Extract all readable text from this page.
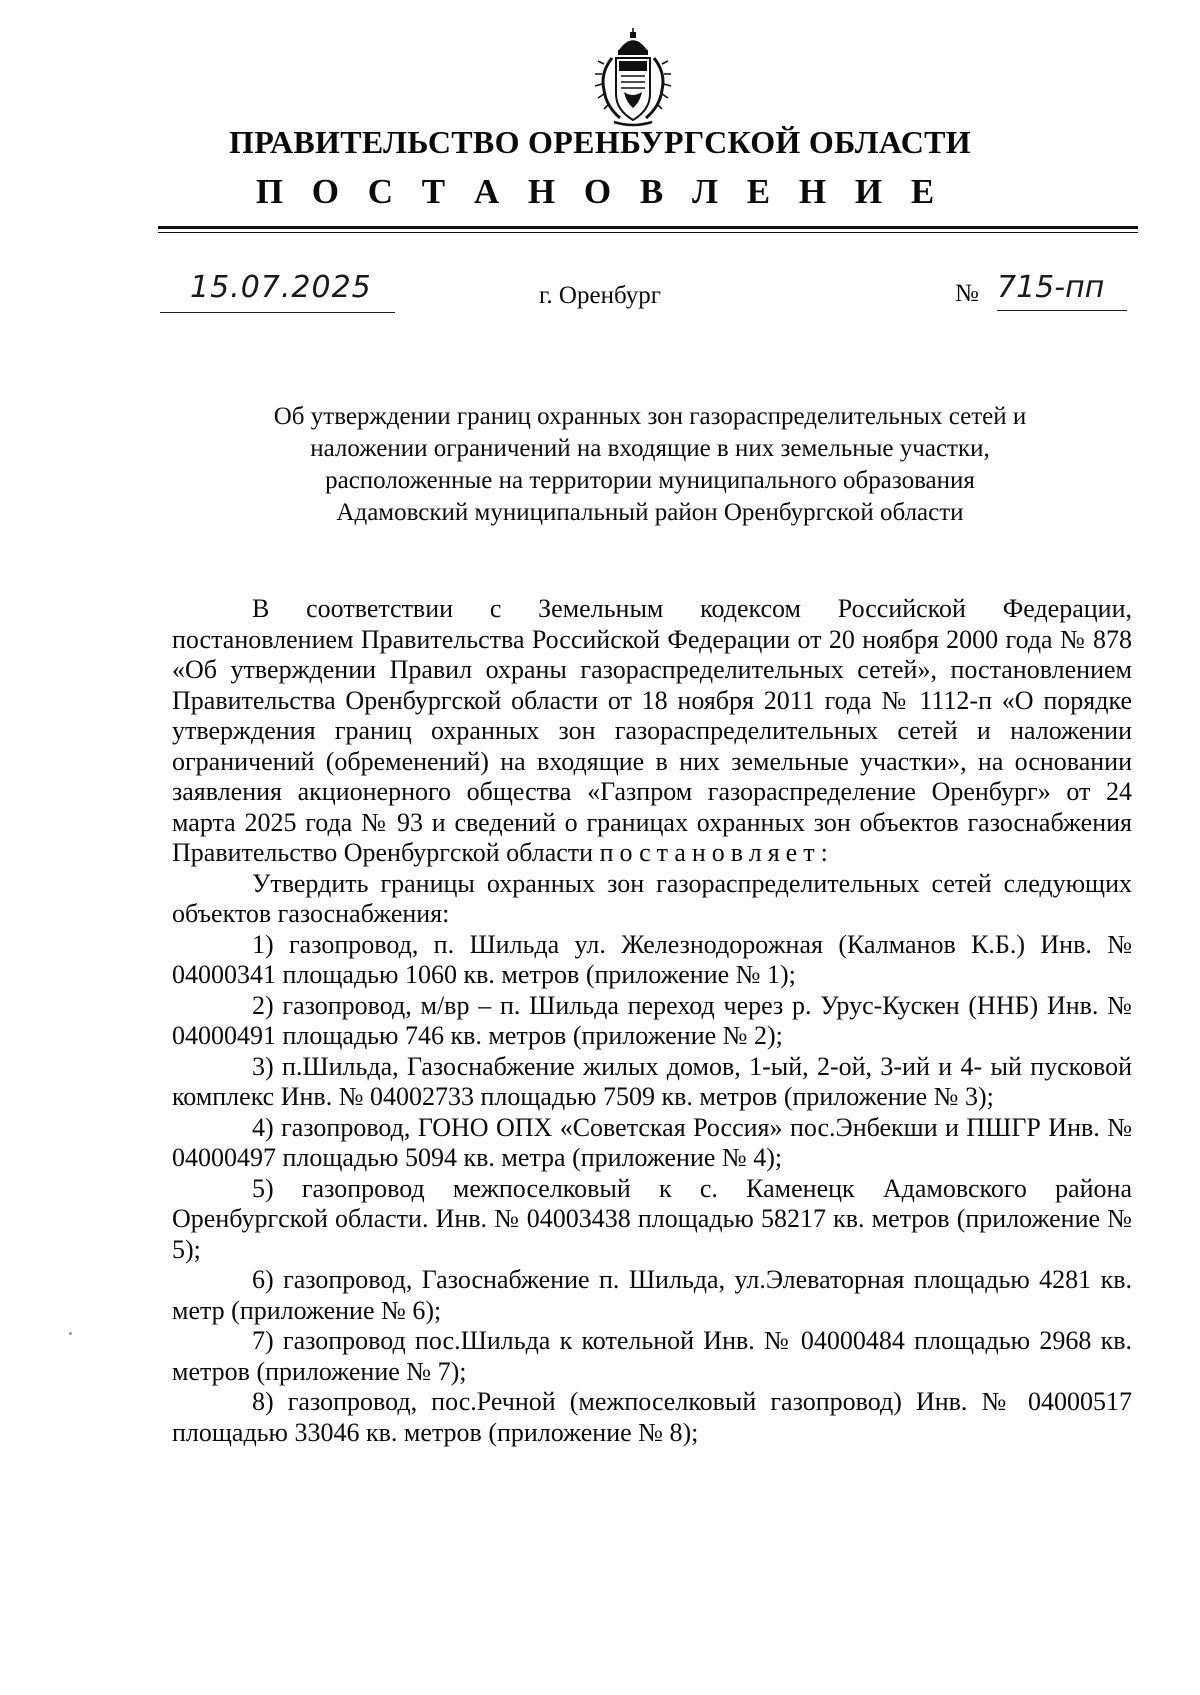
ПРАВИТЕЛЬСТВО ОРЕНБУРГСКОЙ ОБЛАСТИ
П О С Т А Н О В Л Е Н И Е
15.07.2025	г. Оренбург	№ 715-пп
Об утверждении границ охранных зон газораспределительных сетей и
наложении ограничений на входящие в них земельные участки,
расположенные на территории муниципального образования
Адамовский муниципальный район Оренбургской области

В соответствии с Земельным кодексом Российской Федерации, постановлением Правительства Российской Федерации от 20 ноября 2000 года № 878 «Об утверждении Правил охраны газораспределительных сетей», постановлением Правительства Оренбургской области от 18 ноября 2011 года № 1112-п «О порядке утверждения границ охранных зон газораспределительных сетей и наложении ограничений (обременений) на входящие в них земельные участки», на основании заявления акционерного общества «Газпром газораспределение Оренбург» от 24 марта 2025 года № 93 и сведений о границах охранных зон объектов газоснабжения Правительство Оренбургской области постановляет:

Утвердить границы охранных зон газораспределительных сетей следующих объектов газоснабжения:

1) газопровод, п. Шильда ул. Железнодорожная (Калманов К.Б.) Инв. № 04000341 площадью 1060 кв. метров (приложение № 1);

2) газопровод, м/вр – п. Шильда переход через р. Урус-Кускен (ННБ) Инв. № 04000491 площадью 746 кв. метров (приложение № 2);

3) п.Шильда, Газоснабжение жилых домов, 1-ый, 2-ой, 3-ий и 4- ый пусковой комплекс Инв. № 04002733 площадью 7509 кв. метров (приложение № 3);

4) газопровод, ГОНО ОПХ «Советская Россия» пос.Энбекши и ПШГР Инв. № 04000497 площадью 5094 кв. метра (приложение № 4);

5) газопровод межпоселковый к с. Каменецк Адамовского района Оренбургской области. Инв. № 04003438 площадью 58217 кв. метров (приложение № 5);

6) газопровод, Газоснабжение п. Шильда, ул.Элеваторная площадью 4281 кв. метр (приложение № 6);

7) газопровод пос.Шильда к котельной Инв. № 04000484 площадью 2968 кв. метров (приложение № 7);

8) газопровод, пос.Речной (межпоселковый газопровод) Инв. № 04000517 площадью 33046 кв. метров (приложение № 8);
